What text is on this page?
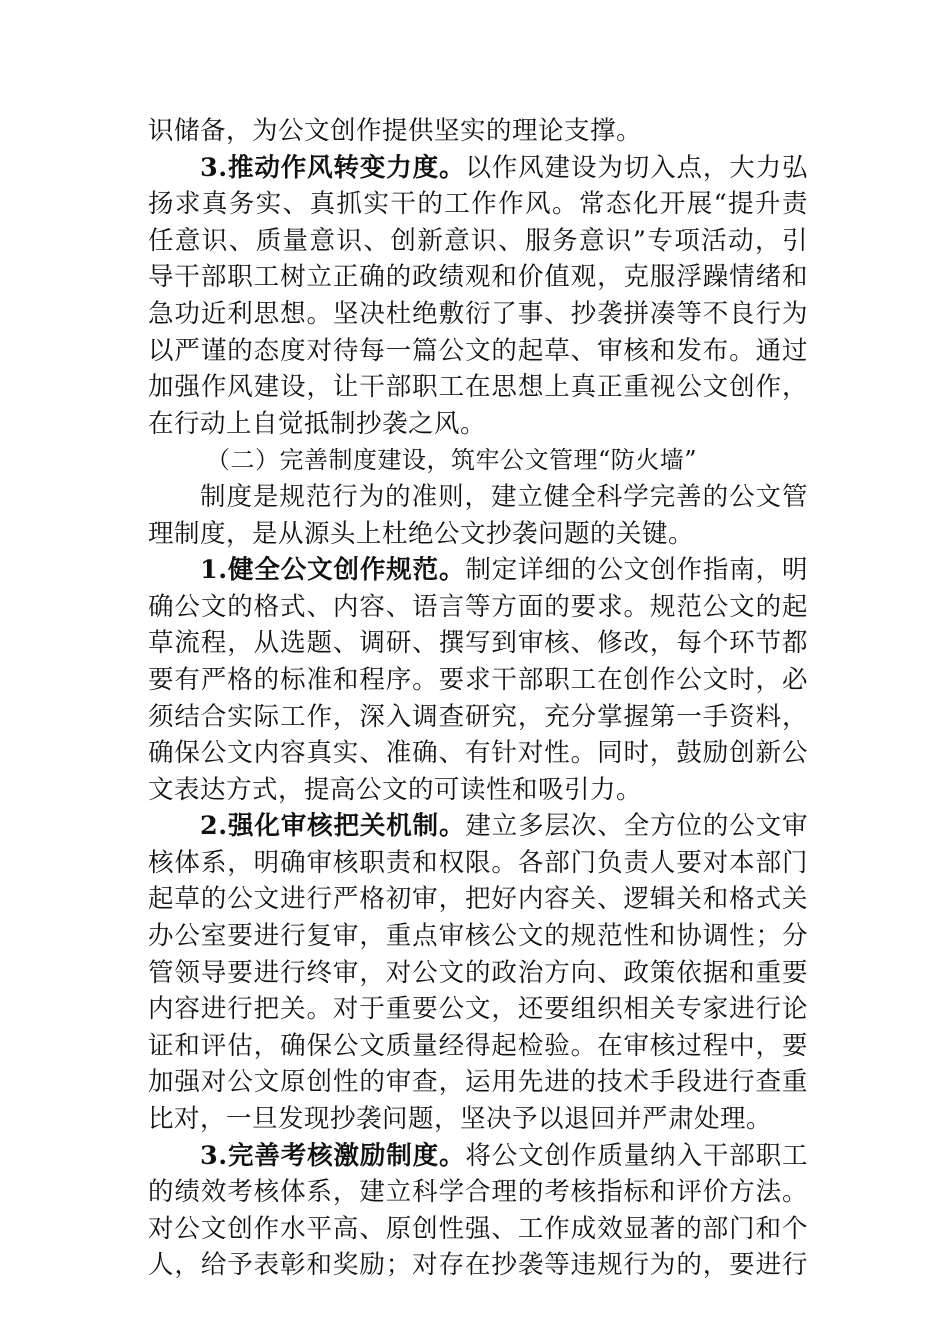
识储备，为公文创作提供坚实的理论支撑。
3.推动作风转变力度。以作风建设为切入点，大力弘
扬求真务实、真抓实干的工作作风。常态化开展“提升责
任意识、质量意识、创新意识、服务意识”专项活动，引
导干部职工树立正确的政绩观和价值观，克服浮躁情绪和
急功近利思想。坚决杜绝敷衍了事、抄袭拼凑等不良行为
以严谨的态度对待每一篇公文的起草、审核和发布。通过
加强作风建设，让干部职工在思想上真正重视公文创作，
在行动上自觉抵制抄袭之风。
（二）完善制度建设，筑牢公文管理“防火墙”
制度是规范行为的准则，建立健全科学完善的公文管
理制度，是从源头上杜绝公文抄袭问题的关键。
1.健全公文创作规范。制定详细的公文创作指南，明
确公文的格式、内容、语言等方面的要求。规范公文的起
草流程，从选题、调研、撰写到审核、修改，每个环节都
要有严格的标准和程序。要求干部职工在创作公文时，必
须结合实际工作，深入调查研究，充分掌握第一手资料，
确保公文内容真实、准确、有针对性。同时，鼓励创新公
文表达方式，提高公文的可读性和吸引力。
2.强化审核把关机制。建立多层次、全方位的公文审
核体系，明确审核职责和权限。各部门负责人要对本部门
起草的公文进行严格初审，把好内容关、逻辑关和格式关
办公室要进行复审，重点审核公文的规范性和协调性；分
管领导要进行终审，对公文的政治方向、政策依据和重要
内容进行把关。对于重要公文，还要组织相关专家进行论
证和评估，确保公文质量经得起检验。在审核过程中，要
加强对公文原创性的审查，运用先进的技术手段进行查重
比对，一旦发现抄袭问题，坚决予以退回并严肃处理。
3.完善考核激励制度。将公文创作质量纳入干部职工
的绩效考核体系，建立科学合理的考核指标和评价方法。
对公文创作水平高、原创性强、工作成效显著的部门和个
人，给予表彰和奖励；对存在抄袭等违规行为的，要进行
